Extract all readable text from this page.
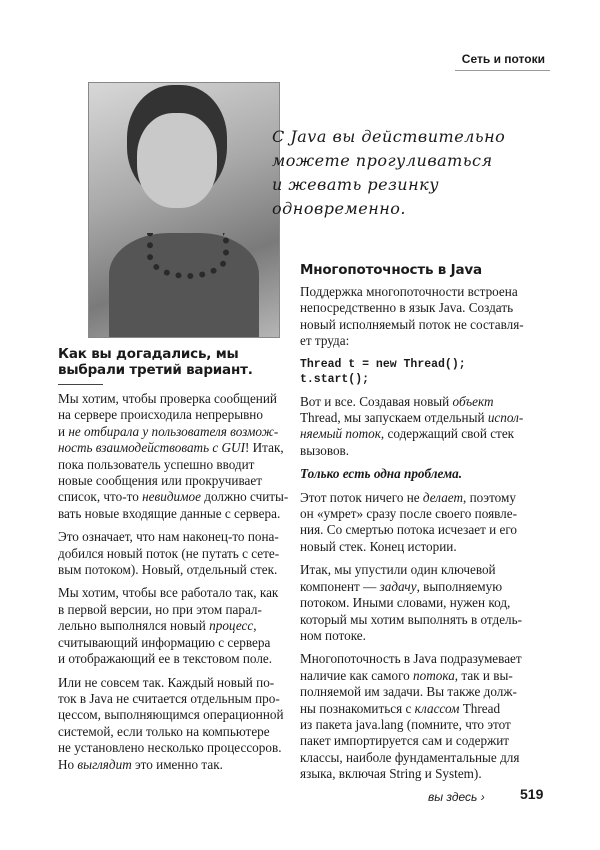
Сеть и потоки
С Java вы действительно
можете прогуливаться
и жевать резинку
одновременно.
Как вы догадались, мы
выбрали третий вариант.
Мы хотим, чтобы проверка сообщений
на сервере происходила непрерывно
и не отбирала у пользователя возмож-
ность взаимодействовать с GUI! Итак,
пока пользователь успешно вводит
новые сообщения или прокручивает
список, что-то невидимое должно считы-
вать новые входящие данные с сервера.
Это означает, что нам наконец-то пона-
добился новый поток (не путать с сете-
вым потоком). Новый, отдельный стек.
Мы хотим, чтобы все работало так, как
в первой версии, но при этом парал-
лельно выполнялся новый процесс,
считывающий информацию с сервера
и отображающий ее в текстовом поле.
Или не совсем так. Каждый новый по-
ток в Java не считается отдельным про-
цессом, выполняющимся операционной
системой, если только на компьютере
не установлено несколько процессоров.
Но выглядит это именно так.
Многопоточность в Java
Поддержка многопоточности встроена
непосредственно в язык Java. Создать
новый исполняемый поток не составля-
ет труда:
Thread t = new Thread();
t.start();
Вот и все. Создавая новый объект
Thread, мы запускаем отдельный испол-
няемый поток, содержащий свой стек
вызовов.
Только есть одна проблема.
Этот поток ничего не делает, поэтому
он «умрет» сразу после своего появле-
ния. Со смертью потока исчезает и его
новый стек. Конец истории.
Итак, мы упустили один ключевой
компонент — задачу, выполняемую
потоком. Иными словами, нужен код,
который мы хотим выполнять в отдель-
ном потоке.
Многопоточность в Java подразумевает
наличие как самого потока, так и вы-
полняемой им задачи. Вы также долж-
ны познакомиться с классом Thread
из пакета java.lang (помните, что этот
пакет импортируется сам и содержит
классы, наиболе фундаментальные для
языка, включая String и System).
вы здесь ›	519
